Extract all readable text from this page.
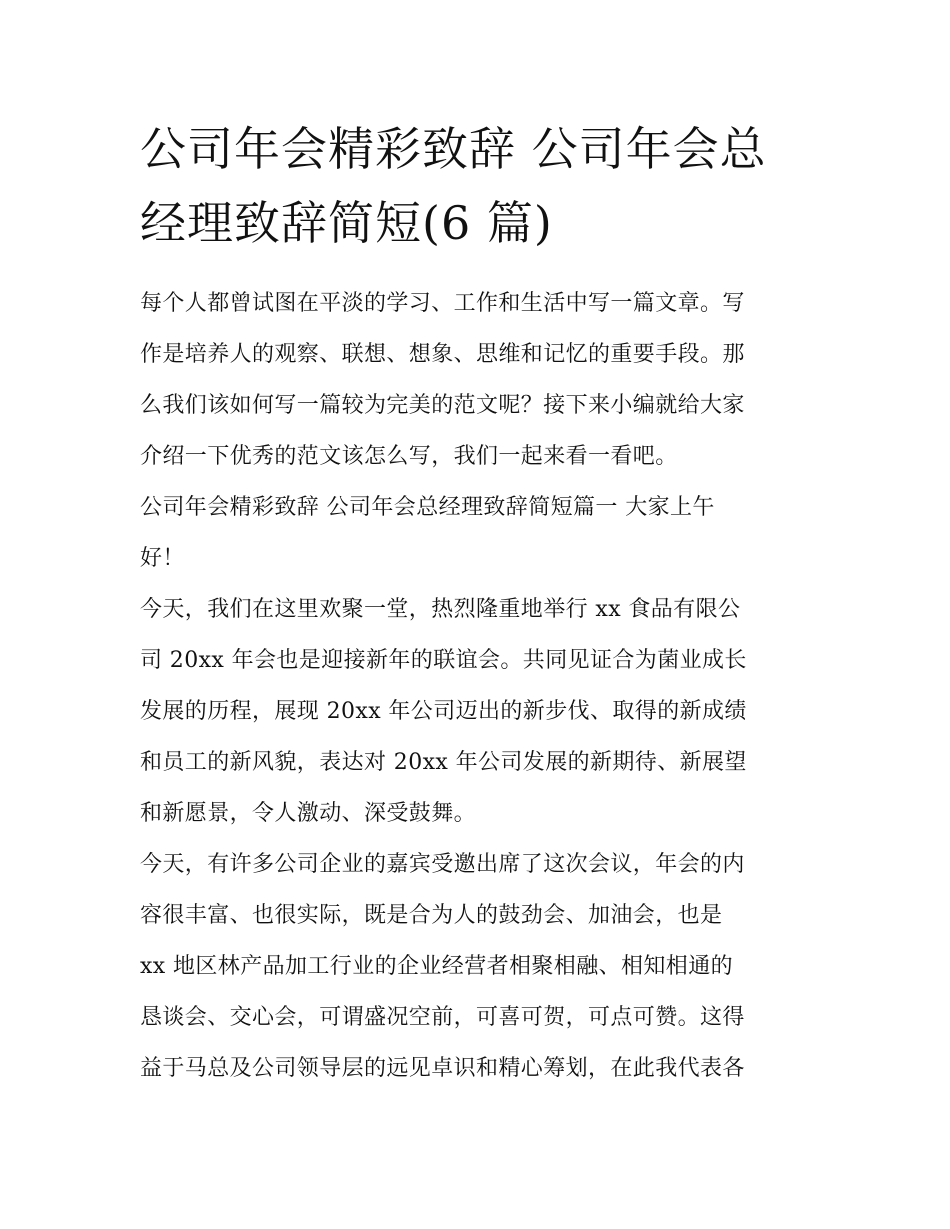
公司年会精彩致辞 公司年会总
经理致辞简短(6 篇)

每个人都曾试图在平淡的学习、工作和生活中写一篇文章。写
作是培养人的观察、联想、想象、思维和记忆的重要手段。那
么我们该如何写一篇较为完美的范文呢？接下来小编就给大家
介绍一下优秀的范文该怎么写，我们一起来看一看吧。

公司年会精彩致辞 公司年会总经理致辞简短篇一 大家上午
好！

今天，我们在这里欢聚一堂，热烈隆重地举行 xx 食品有限公
司 20xx 年会也是迎接新年的联谊会。共同见证合为菌业成长
发展的历程，展现 20xx 年公司迈出的新步伐、取得的新成绩
和员工的新风貌，表达对 20xx 年公司发展的新期待、新展望
和新愿景，令人激动、深受鼓舞。

今天，有许多公司企业的嘉宾受邀出席了这次会议，年会的内
容很丰富、也很实际，既是合为人的鼓劲会、加油会，也是
xx 地区林产品加工行业的企业经营者相聚相融、相知相通的
恳谈会、交心会，可谓盛况空前，可喜可贺，可点可赞。这得
益于马总及公司领导层的远见卓识和精心筹划，在此我代表各
